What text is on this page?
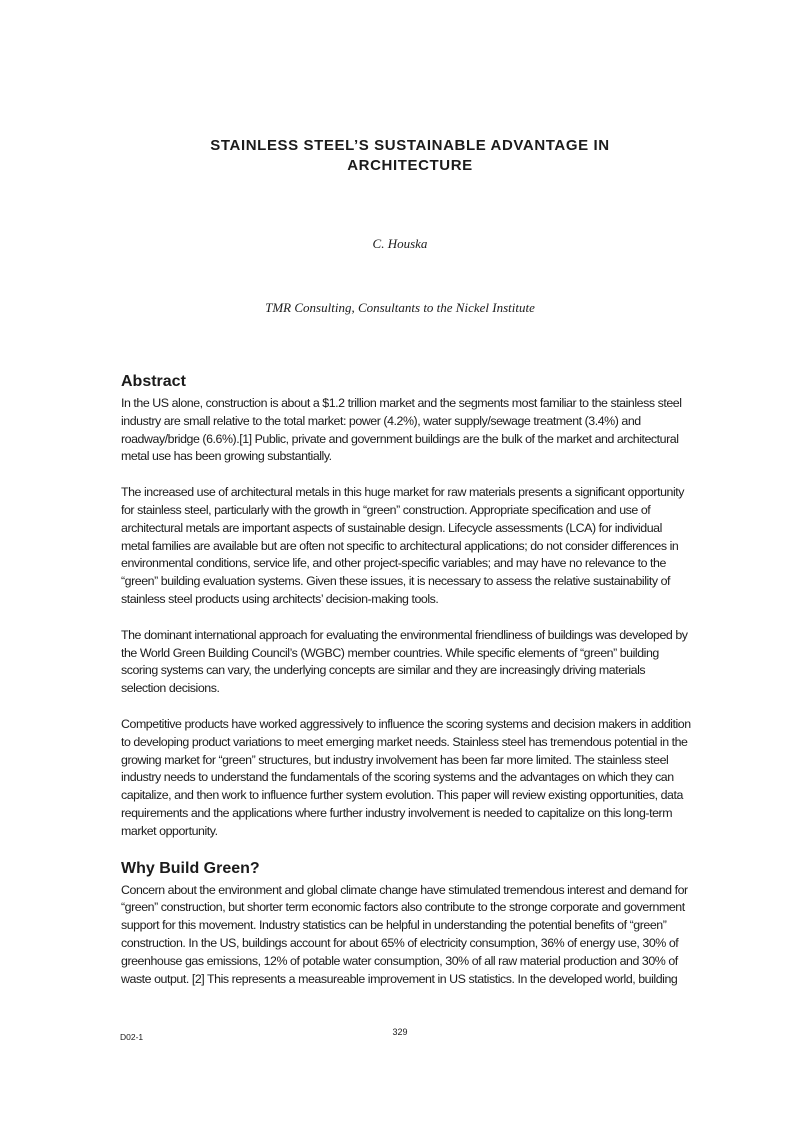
STAINLESS STEEL’S SUSTAINABLE ADVANTAGE IN
ARCHITECTURE
C. Houska
TMR Consulting, Consultants to the Nickel Institute
Abstract

In the US alone, construction is about a $1.2 trillion market and the segments most familiar to the stainless steel industry are small relative to the total market: power (4.2%), water supply/sewage treatment (3.4%) and roadway/bridge (6.6%).[1] Public, private and government buildings are the bulk of the market and architectural metal use has been growing substantially.

The increased use of architectural metals in this huge market for raw materials presents a significant opportunity for stainless steel, particularly with the growth in “green” construction. Appropriate specification and use of architectural metals are important aspects of sustainable design. Lifecycle assessments (LCA) for individual metal families are available but are often not specific to architectural applications; do not consider differences in environmental conditions, service life, and other project-specific variables; and may have no relevance to the “green” building evaluation systems. Given these issues, it is necessary to assess the relative sustainability of stainless steel products using architects’ decision-making tools.

The dominant international approach for evaluating the environmental friendliness of buildings was developed by the World Green Building Council’s (WGBC) member countries. While specific elements of “green” building scoring systems can vary, the underlying concepts are similar and they are increasingly driving materials selection decisions.

Competitive products have worked aggressively to influence the scoring systems and decision makers in addition to developing product variations to meet emerging market needs. Stainless steel has tremendous potential in the growing market for “green” structures, but industry involvement has been far more limited. The stainless steel industry needs to understand the fundamentals of the scoring systems and the advantages on which they can capitalize, and then work to influence further system evolution. This paper will review existing opportunities, data requirements and the applications where further industry involvement is needed to capitalize on this long-term market opportunity.

Why Build Green?

Concern about the environment and global climate change have stimulated tremendous interest and demand for “green” construction, but shorter term economic factors also contribute to the stronge corporate and government support for this movement. Industry statistics can be helpful in understanding the potential benefits of “green” construction. In the US, buildings account for about 65% of electricity consumption, 36% of energy use, 30% of greenhouse gas emissions, 12% of potable water consumption, 30% of all raw material production and 30% of waste output. [2] This represents a measureable improvement in US statistics. In the developed world, building

D02-1	329
